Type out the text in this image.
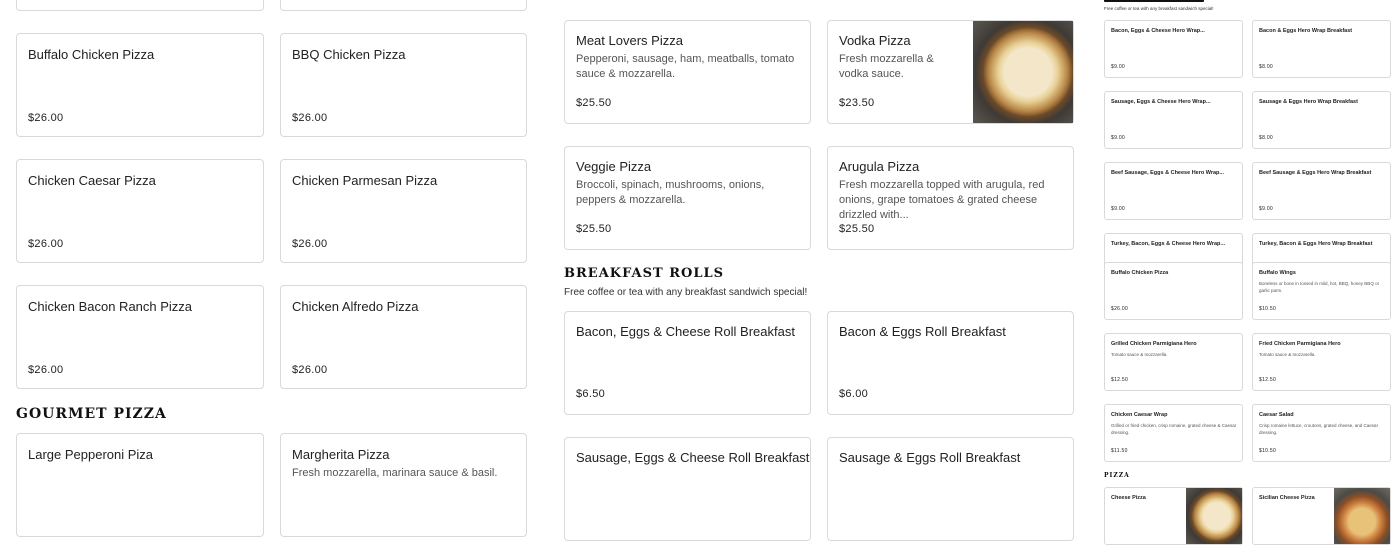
Buffalo Chicken Pizza
$26.00
BBQ Chicken Pizza
$26.00
Chicken Caesar Pizza
$26.00
Chicken Parmesan Pizza
$26.00
Chicken Bacon Ranch Pizza
$26.00
Chicken Alfredo Pizza
$26.00
GOURMET PIZZA
Large Pepperoni Piza	Margherita Pizza
Fresh mozzarella, marinara sauce & basil.
Meat Lovers Pizza
Pepperoni, sausage, ham, meatballs, tomato sauce & mozzarella.
$25.50
Vodka Pizza
Fresh mozzarella & vodka sauce.
$23.50
Veggie Pizza
Broccoli, spinach, mushrooms, onions, peppers & mozzarella.
$25.50
Arugula Pizza
Fresh mozzarella topped with arugula, red onions, grape tomatoes & grated cheese drizzled with...
$25.50
BREAKFAST ROLLS
Free coffee or tea with any breakfast sandwich special!
Bacon, Eggs & Cheese Roll Breakfast
$6.50
Bacon & Eggs Roll Breakfast
$6.00
Sausage, Eggs & Cheese Roll Breakfast Sausage & Eggs Roll Breakfast
Free coffee or tea with any breakfast sandwich special!
Bacon, Eggs & Cheese Hero Wrap...
$9.00
Bacon & Eggs Hero Wrap Breakfast
$8.00
Sausage, Eggs & Cheese Hero Wrap...
$9.00
Sausage & Eggs Hero Wrap Breakfast
$8.00
Beef Sausage, Eggs & Cheese Hero Wrap...
$9.00
Beef Sausage & Eggs Hero Wrap Breakfast
$9.00
Turkey, Bacon, Eggs & Cheese Hero Wrap...	Turkey, Bacon & Eggs Hero Wrap Breakfast
Buffalo Chicken Pizza
$26.00
Buffalo Wings
Boneless or bone in tossed in mild, hot, BBQ, honey BBQ or garlic parm.
$10.50
Grilled Chicken Parmigiana Hero
Tomato sauce & mozzarella.
$12.50
Fried Chicken Parmigiana Hero
Tomato sauce & mozzarella.
$12.50
Chicken Caesar Wrap
Grilled or fried chicken, crisp romaine, grated cheese & Caesar dressing.
$11.50
Caesar Salad
Crisp romaine lettuce, croutons, grated cheese, and Caesar dressing.
$10.50
PIZZA
Cheese Pizza	Sicilian Cheese Pizza
